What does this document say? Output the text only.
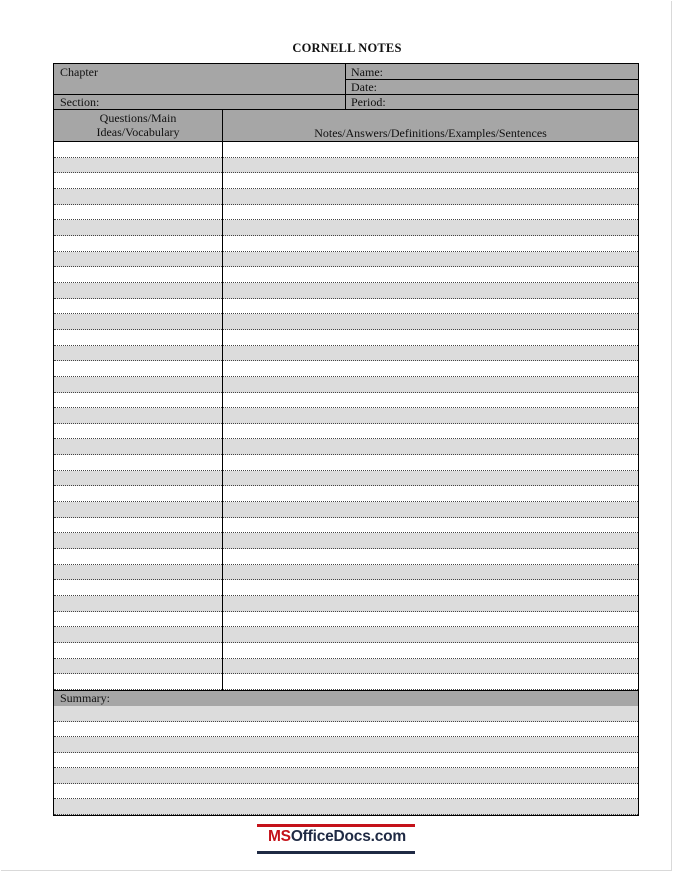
CORNELL NOTES
Chapter	Name:
Date:
Section:	Period:
Questions/Main
Ideas/Vocabulary	Notes/Answers/Definitions/Examples/Sentences
Summary:
MSOfficeDocs.com
